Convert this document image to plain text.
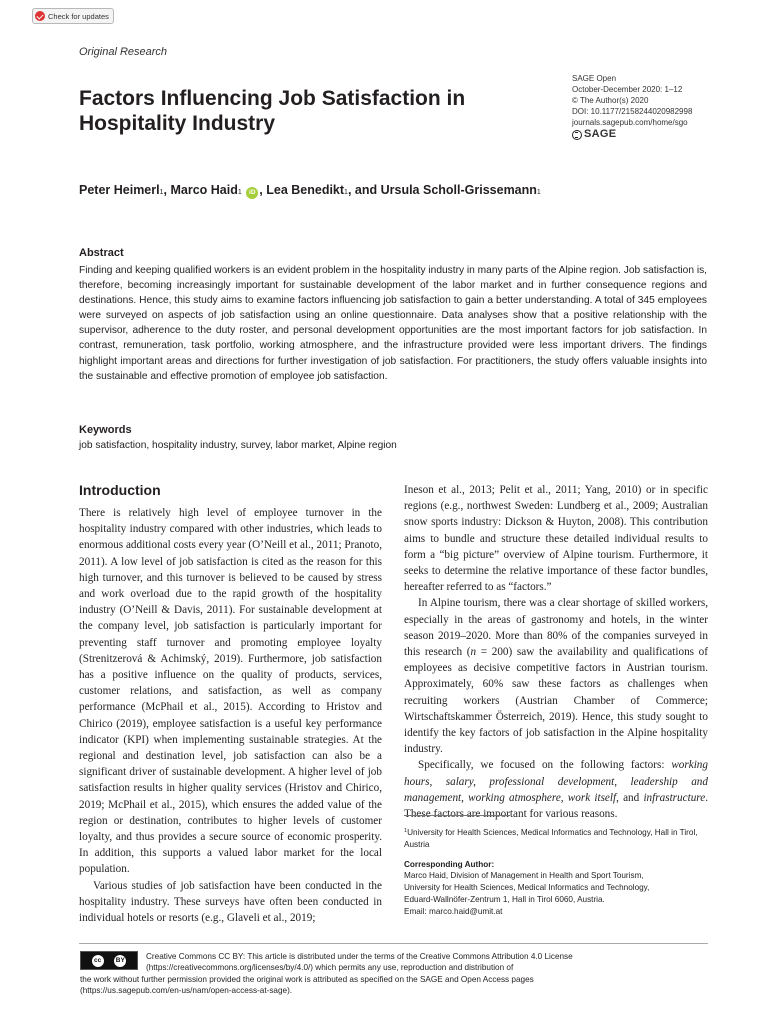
Check for updates
Original Research
Factors Influencing Job Satisfaction in Hospitality Industry
SAGE Open
October-December 2020: 1–12
© The Author(s) 2020
DOI: 10.1177/2158244020982998
journals.sagepub.com/home/sgo
SAGE
Peter Heimerl$_1$ ,
Marco Haid$_1$
	iD ,
Lea Benedikt$_1$ , and Ursula Scholl-Grissemann$_1$
Abstract
Finding and keeping qualified workers is an evident problem in the hospitality industry in many parts of the Alpine region. Job satisfaction is, therefore, becoming increasingly important for sustainable development of the labor market and in further consequence regions and destinations. Hence, this study aims to examine factors influencing job satisfaction to gain a better understanding. A total of 345 employees were surveyed on aspects of job satisfaction using an online questionnaire. Data analyses show that a positive relationship with the supervisor, adherence to the duty roster, and personal development opportunities are the most important factors for job satisfaction. In contrast, remuneration, task portfolio, working atmosphere, and the infrastructure provided were less important drivers. The findings highlight important areas and directions for further investigation of job satisfaction. For practitioners, the study offers valuable insights into the sustainable and effective promotion of employee job satisfaction.
Keywords
job satisfaction, hospitality industry, survey, labor market, Alpine region
Introduction

There is relatively high level of employee turnover in the hospitality industry compared with other industries, which leads to enormous additional costs every year (O’Neill et al., 2011; Pranoto, 2011). A low level of job satisfaction is cited as the reason for this high turnover, and this turnover is believed to be caused by stress and work overload due to the rapid growth of the hospitality industry (O’Neill & Davis, 2011). For sustainable development at the company level, job satisfaction is particularly important for preventing staff turnover and promoting employee loyalty (Strenitzerová & Achimský, 2019). Furthermore, job satisfaction has a positive influence on the quality of products, services, customer relations, and satisfaction, as well as company performance (McPhail et al., 2015). According to Hristov and Chirico (2019), employee satisfaction is a useful key performance indicator (KPI) when implementing sustainable strategies. At the regional and destination level, job satisfaction can also be a significant driver of sustainable development. A higher level of job satisfaction results in higher quality services (Hristov and Chirico, 2019; McPhail et al., 2015), which ensures the added value of the region or destination, contributes to higher levels of customer loyalty, and thus provides a secure source of economic prosperity. In addition, this supports a valued labor market for the local population.

Various studies of job satisfaction have been conducted in the hospitality industry. These surveys have often been conducted in individual hotels or resorts (e.g., Glaveli et al., 2019;

Ineson et al., 2013; Pelit et al., 2011; Yang, 2010) or in specific regions (e.g., northwest Sweden: Lundberg et al., 2009; Australian snow sports industry: Dickson & Huyton, 2008). This contribution aims to bundle and structure these detailed individual results to form a “big picture” overview of Alpine tourism. Furthermore, it seeks to determine the relative importance of these factor bundles, hereafter referred to as “factors.”

In Alpine tourism, there was a clear shortage of skilled workers, especially in the areas of gastronomy and hotels, in the winter season 2019–2020. More than 80% of the companies surveyed in this research (n = 200) saw the availability and qualifications of employees as decisive competitive factors in Austrian tourism. Approximately, 60% saw these factors as challenges when recruiting workers (Austrian Chamber of Commerce; Wirtschaftskammer Österreich, 2019). Hence, this study sought to identify the key factors of job satisfaction in the Alpine hospitality industry.

Specifically, we focused on the following factors: working hours, salary, professional development, leadership and management, working atmosphere, work itself, and infrastructure. These factors are important for various reasons.

$^1$University for Health Sciences, Medical Informatics and Technology, Hall in Tirol, Austria
Corresponding Author:
Marco Haid, Division of Management in Health and Sport Tourism,
University for Health Sciences, Medical Informatics and Technology,
Eduard-Wallnöfer-Zentrum 1, Hall in Tirol 6060, Austria.
Email: marco.haid@umit.at
Creative Commons CC BY: This article is distributed under the terms of the Creative Commons Attribution 4.0 License
(https://creativecommons.org/licenses/by/4.0/) which permits any use, reproduction and distribution of
the work without further permission provided the original work is attributed as specified on the SAGE and Open Access pages
(https://us.sagepub.com/en-us/nam/open-access-at-sage).
cc	BY
